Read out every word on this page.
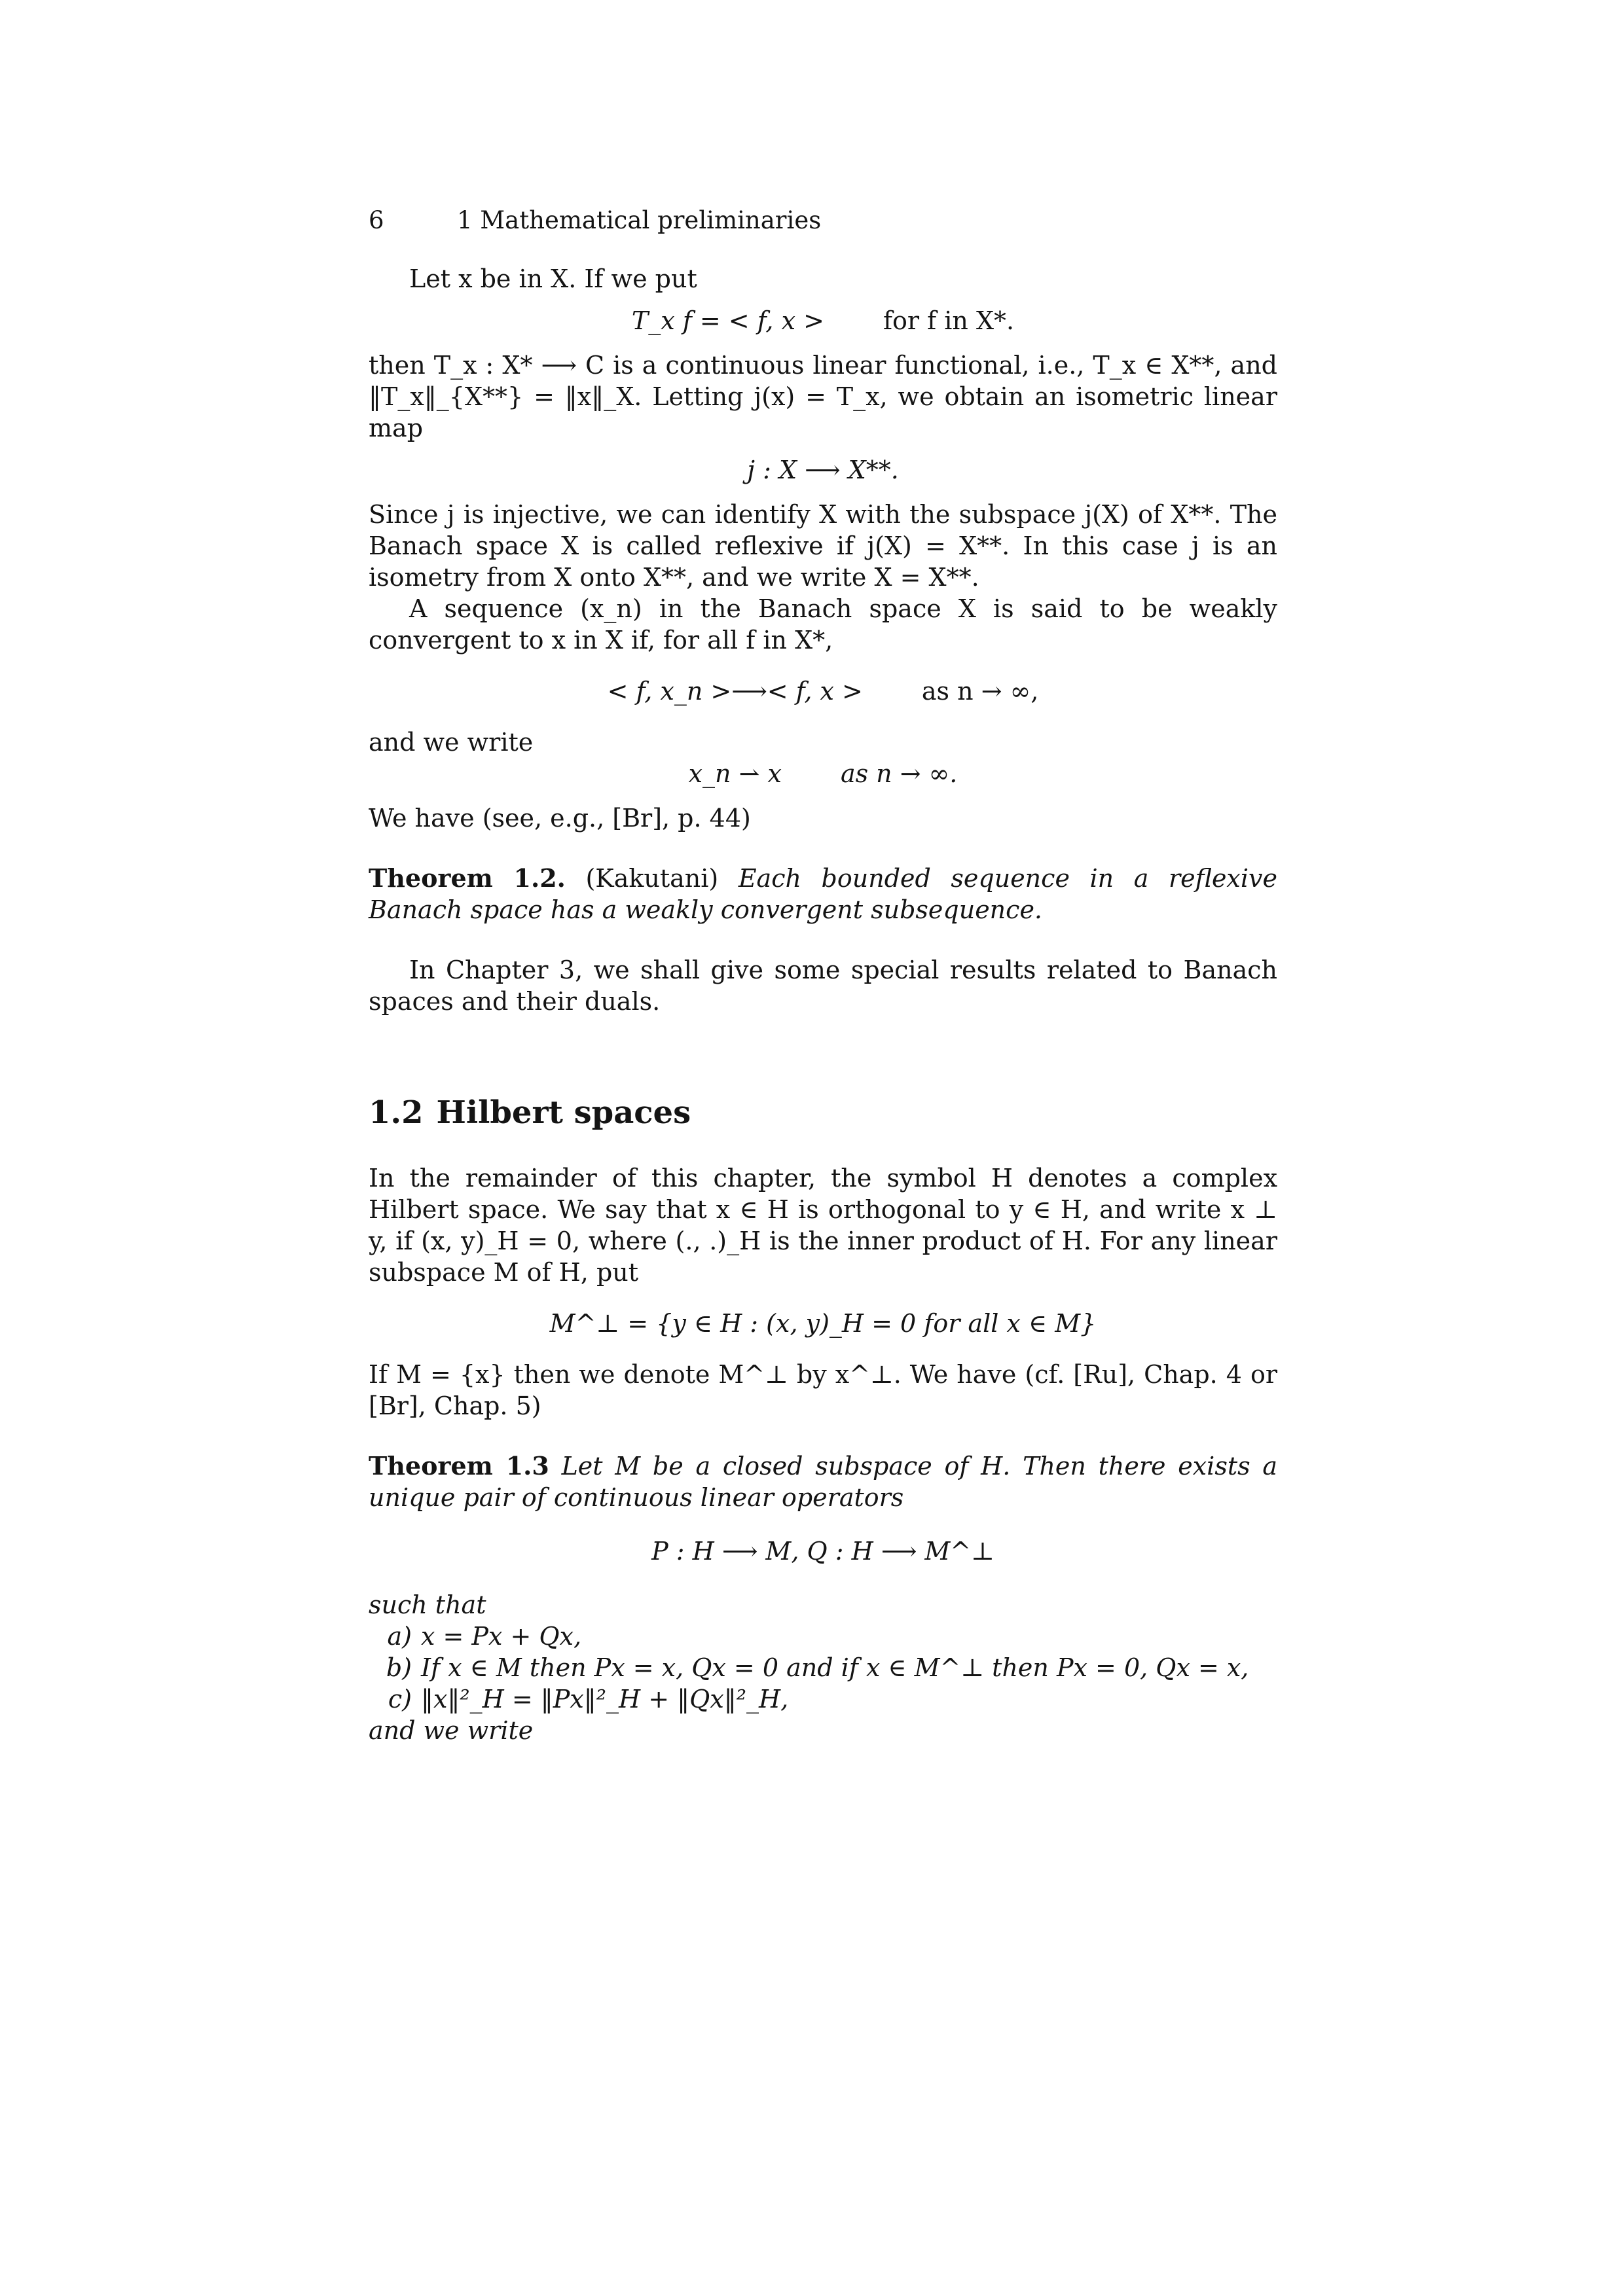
6	1 Mathematical preliminaries

Let x be in X. If we put

T_x f = < f, x > for f in X*.

then T_x : X* ⟶ C is a continuous linear functional, i.e., T_x ∈ X**, and ‖T_x‖_{X**} = ‖x‖_X. Letting j(x) = T_x, we obtain an isometric linear map

j : X ⟶ X**.

Since j is injective, we can identify X with the subspace j(X) of X**. The Banach space X is called reflexive if j(X) = X**. In this case j is an isometry from X onto X**, and we write X = X**.

A sequence (x_n) in the Banach space X is said to be weakly convergent to x in X if, for all f in X*,

< f, x_n >⟶< f, x > as n → ∞,

and we write

x_n ⇀ x as n → ∞.

We have (see, e.g., [Br], p. 44)

Theorem 1.2. (Kakutani) Each bounded sequence in a reflexive Banach space has a weakly convergent subsequence.

In Chapter 3, we shall give some special results related to Banach spaces and their duals.

1.2 Hilbert spaces

In the remainder of this chapter, the symbol H denotes a complex Hilbert space. We say that x ∈ H is orthogonal to y ∈ H, and write x ⊥ y, if (x, y)_H = 0, where (., .)_H is the inner product of H. For any linear subspace M of H, put

M^⊥ = {y ∈ H : (x, y)_H = 0 for all x ∈ M}

If M = {x} then we denote M^⊥ by x^⊥. We have (cf. [Ru], Chap. 4 or [Br], Chap. 5)

Theorem 1.3 Let M be a closed subspace of H. Then there exists a unique pair of continuous linear operators

P : H ⟶ M, Q : H ⟶ M^⊥

such that

a) x = Px + Qx,
b) If x ∈ M then Px = x, Qx = 0 and if x ∈ M^⊥ then Px = 0, Qx = x,
c) ‖x‖²_H = ‖Px‖²_H + ‖Qx‖²_H,

and we write
